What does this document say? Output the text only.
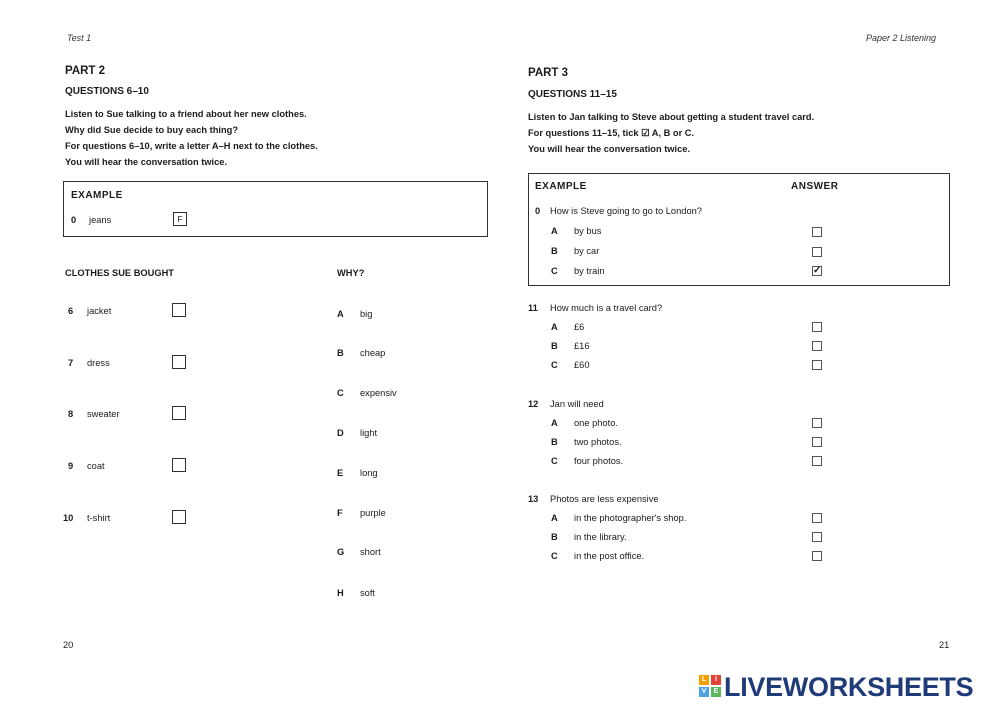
Test 1	Paper 2 Listening
PART 2
QUESTIONS 6–10
Listen to Sue talking to a friend about her new clothes.
Why did Sue decide to buy each thing?
For questions 6–10, write a letter A–H next to the clothes.
You will hear the conversation twice.
EXAMPLE
0 jeans	F
CLOTHES SUE BOUGHT	WHY?
6 jacket
7 dress
8 sweater
9 coat
10 t-shirt
A big
B cheap
C expensiv
D light
E long
F purple
G short
H soft
20
PART 3
QUESTIONS 11–15
Listen to Jan talking to Steve about getting a student travel card.
For questions 11–15, tick ☑ A, B or C.
You will hear the conversation twice.
EXAMPLE	ANSWER
0 How is Steve going to go to London?
A by bus
B by car
C by train	✓
11 How much is a travel card?
A £6
B £16
C £60
12 Jan will need
A one photo.
B two photos.
C four photos.
13 Photos are less expensive
A in the photographer's shop.
B in the library.
C in the post office.
21
L	I
V	E LIVEWORKSHEETS
